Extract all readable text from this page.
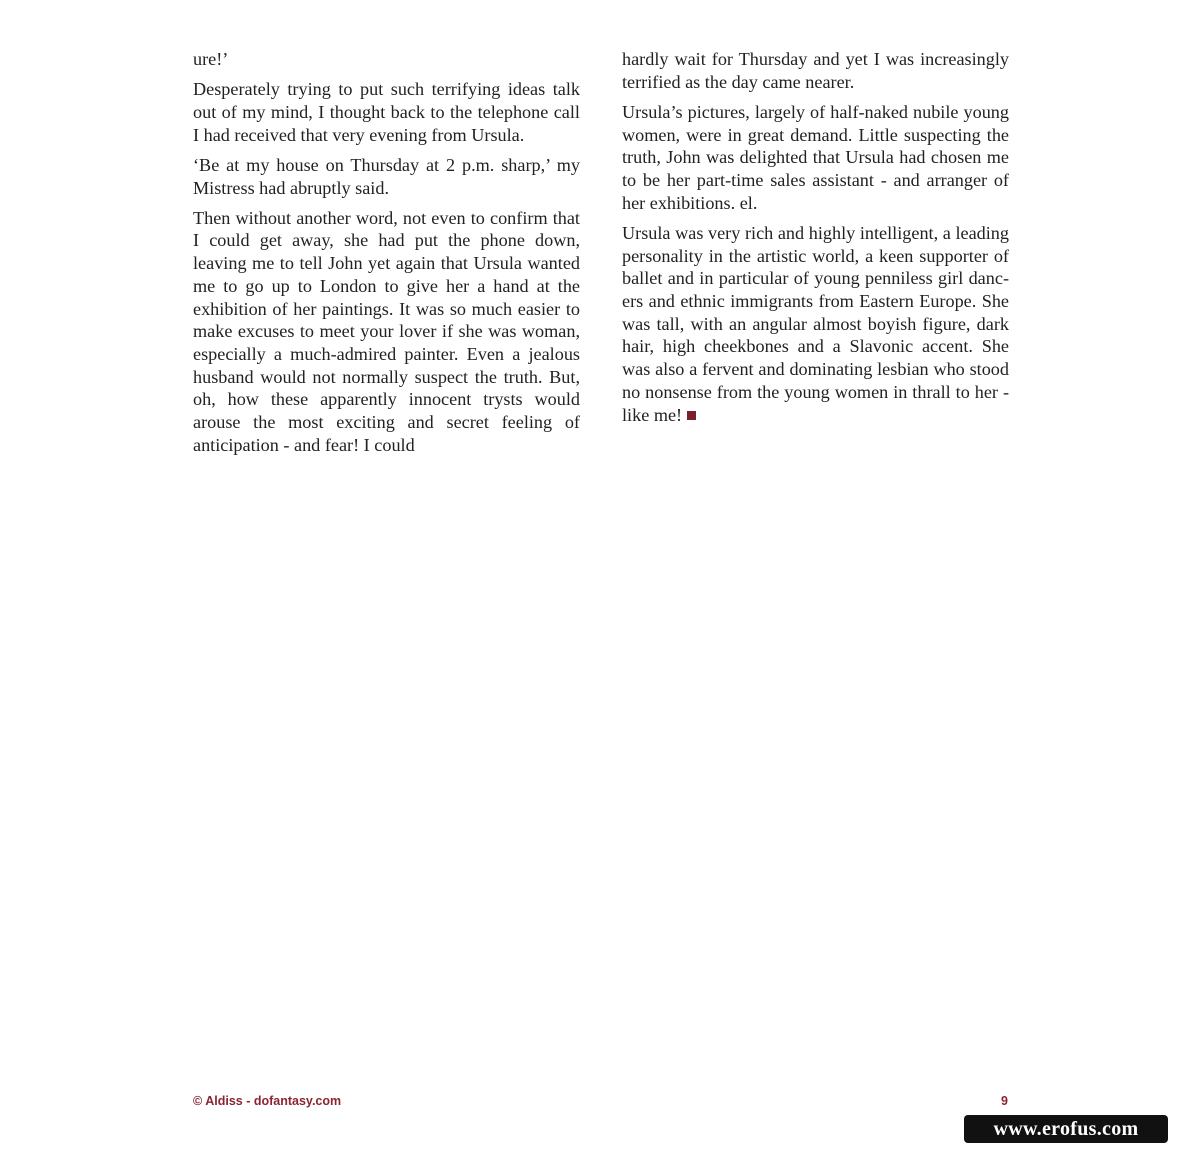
ure!’

Desperately trying to put such terrifying ideas talk out of my mind, I thought back to the telephone call I had received that very evening from Ursula.

‘Be at my house on Thursday at 2 p.m. sharp,’ my Mistress had abruptly said.

Then without another word, not even to confirm that I could get away, she had put the phone down, leaving me to tell John yet again that Ursula wanted me to go up to London to give her a hand at the exhibition of her paintings. It was so much easier to make excuses to meet your lover if she was woman, especially a much-admired painter. Even a jealous husband would not normally suspect the truth. But, oh, how these apparently innocent trysts would arouse the most exciting and secret feeling of anticipation - and fear! I could

hardly wait for Thursday and yet I was increasingly terrified as the day came nearer.

Ursula’s pictures, largely of half-naked nubile young women, were in great demand. Little suspecting the truth, John was delighted that Ursula had chosen me to be her part-time sales assistant - and arranger of her exhibitions. el.

Ursula was very rich and highly intelligent, a leading personality in the artistic world, a keen supporter of ballet and in particular of young penniless girl dancers and ethnic immigrants from Eastern Europe. She was tall, with an angular almost boyish figure, dark hair, high cheekbones and a Slavonic accent. She was also a fervent and dominating lesbian who stood no nonsense from the young women in thrall to her - like me!

© Aldiss - dofantasy.com	9
www.erofus.com
